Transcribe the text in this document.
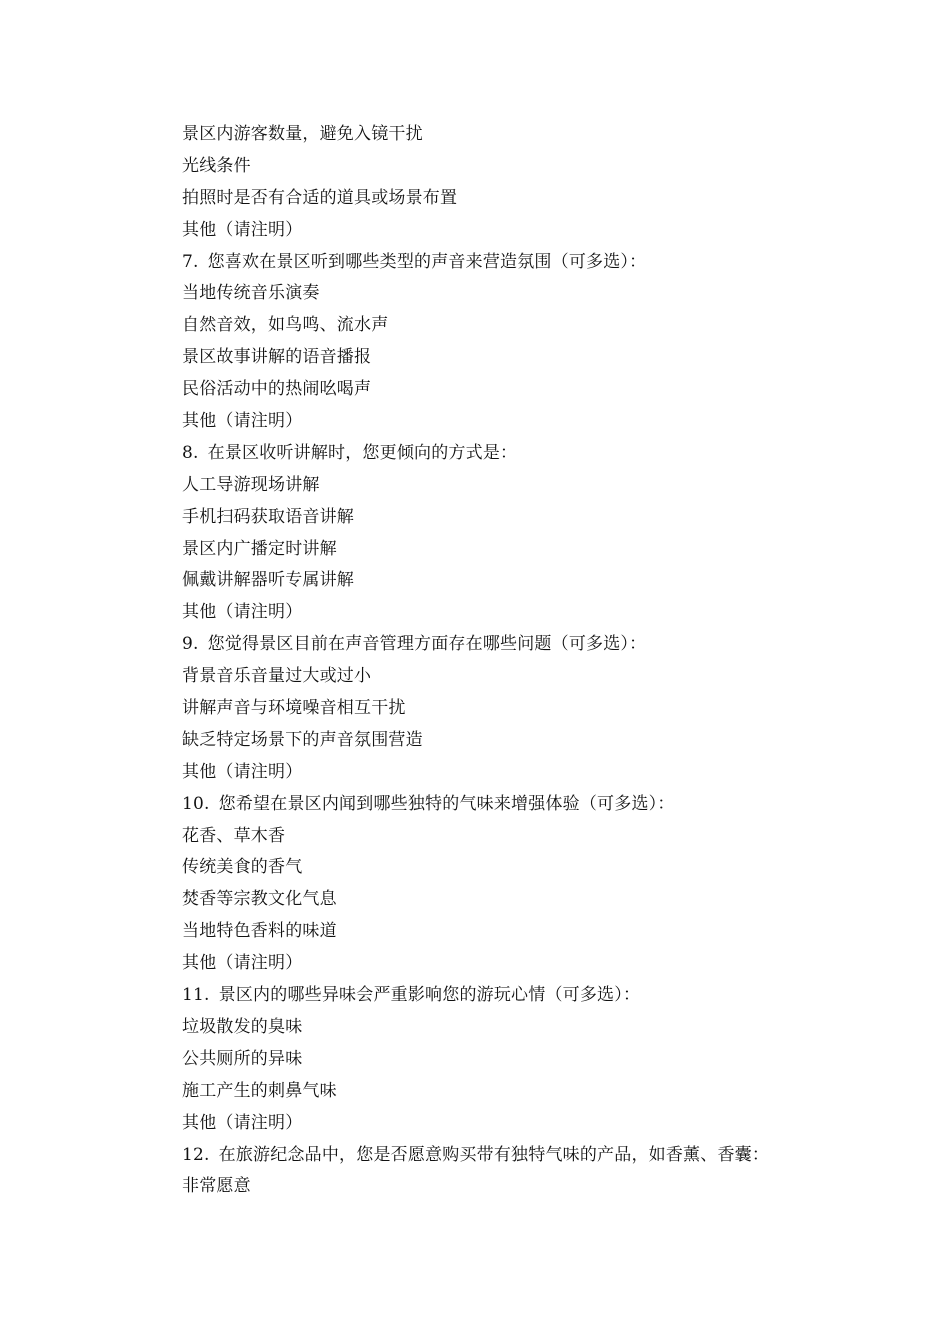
景区内游客数量，避免入镜干扰
光线条件
拍照时是否有合适的道具或场景布置
其他（请注明）
7. 您喜欢在景区听到哪些类型的声音来营造氛围（可多选）：
当地传统音乐演奏
自然音效，如鸟鸣、流水声
景区故事讲解的语音播报
民俗活动中的热闹吆喝声
其他（请注明）
8. 在景区收听讲解时，您更倾向的方式是：
人工导游现场讲解
手机扫码获取语音讲解
景区内广播定时讲解
佩戴讲解器听专属讲解
其他（请注明）
9. 您觉得景区目前在声音管理方面存在哪些问题（可多选）：
背景音乐音量过大或过小
讲解声音与环境噪音相互干扰
缺乏特定场景下的声音氛围营造
其他（请注明）
10. 您希望在景区内闻到哪些独特的气味来增强体验（可多选）：
花香、草木香
传统美食的香气
焚香等宗教文化气息
当地特色香料的味道
其他（请注明）
11. 景区内的哪些异味会严重影响您的游玩心情（可多选）：
垃圾散发的臭味
公共厕所的异味
施工产生的刺鼻气味
其他（请注明）
12. 在旅游纪念品中，您是否愿意购买带有独特气味的产品，如香薰、香囊：
非常愿意
